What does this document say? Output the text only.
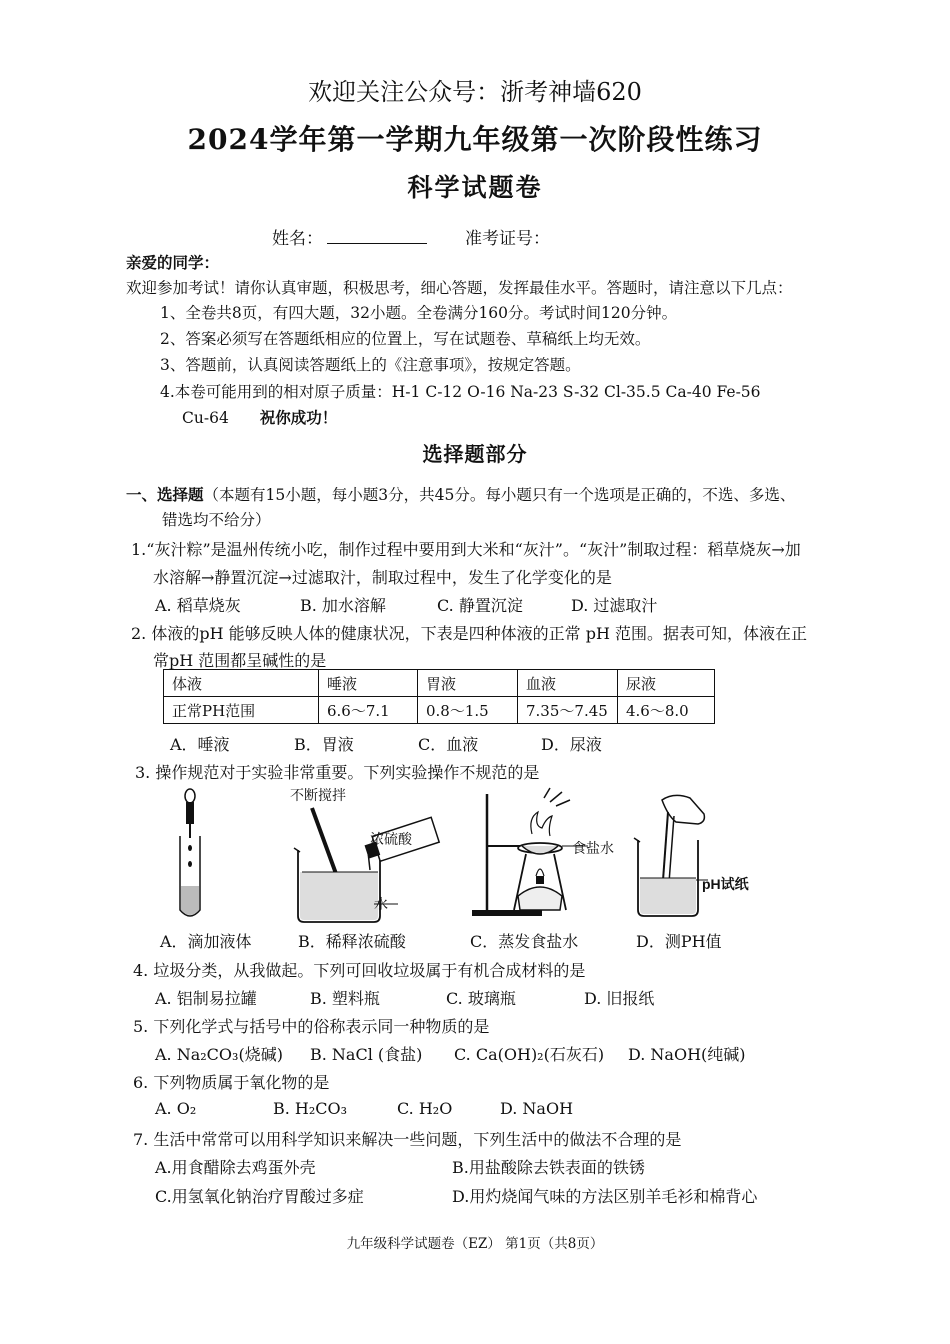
欢迎关注公众号：浙考神墙620
2024学年第一学期九年级第一次阶段性练习
科学试题卷
姓名：	准考证号：
亲爱的同学：
欢迎参加考试！请你认真审题，积极思考，细心答题，发挥最佳水平。答题时，请注意以下几点：
1、全卷共8页，有四大题，32小题。全卷满分160分。考试时间120分钟。
2、答案必须写在答题纸相应的位置上，写在试题卷、草稿纸上均无效。
3、答题前，认真阅读答题纸上的《注意事项》，按规定答题。
4.本卷可能用到的相对原子质量：H-1 C-12 O-16 Na-23 S-32 Cl-35.5 Ca-40 Fe-56
Cu-64 祝你成功！
选择题部分
一、选择题（本题有15小题，每小题3分，共45分。每小题只有一个选项是正确的，不选、多选、
错选均不给分）
1.“灰汁粽”是温州传统小吃，制作过程中要用到大米和“灰汁”。“灰汁”制取过程：稻草烧灰→加
水溶解→静置沉淀→过滤取汁，制取过程中，发生了化学变化的是
A. 稻草烧灰	B. 加水溶解	C. 静置沉淀	D. 过滤取汁
2. 体液的pH 能够反映人体的健康状况，下表是四种体液的正常 pH 范围。据表可知，体液在正
常pH 范围都呈碱性的是
体液	唾液	胃液	血液	尿液
正常PH范围	6.6～7.1	0.8～1.5	7.35～7.45	4.6～8.0
A．唾液	B．胃液	C．血液	D．尿液
3. 操作规范对于实验非常重要。下列实验操作不规范的是
不断搅拌
浓硫酸
水
食盐水
pH试纸
A．滴加液体	B．稀释浓硫酸	C．蒸发食盐水	D．测PH值
4. 垃圾分类，从我做起。下列可回收垃圾属于有机合成材料的是
A. 铝制易拉罐	B. 塑料瓶	C. 玻璃瓶	D. 旧报纸
5. 下列化学式与括号中的俗称表示同一种物质的是
A. Na₂CO₃(烧碱) B. NaCl (食盐) C. Ca(OH)₂(石灰石) D. NaOH(纯碱)
6. 下列物质属于氧化物的是
A. O₂	B. H₂CO₃	C. H₂O	D. NaOH
7. 生活中常常可以用科学知识来解决一些问题，下列生活中的做法不合理的是
A.用食醋除去鸡蛋外壳	B.用盐酸除去铁表面的铁锈
C.用氢氧化钠治疗胃酸过多症	D.用灼烧闻气味的方法区别羊毛衫和棉背心
九年级科学试题卷（EZ） 第1页（共8页）
